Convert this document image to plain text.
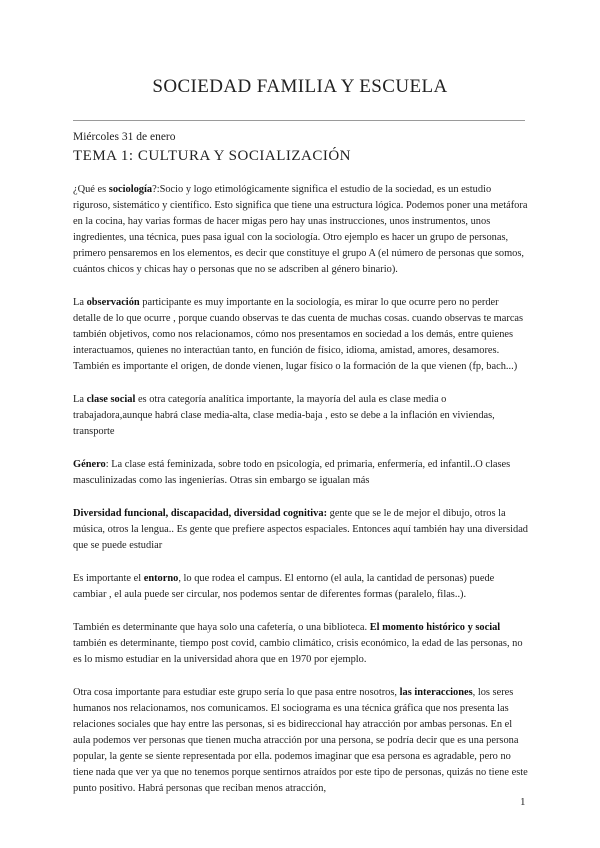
SOCIEDAD FAMILIA Y ESCUELA
Miércoles 31 de enero
TEMA 1: CULTURA Y SOCIALIZACIÓN

¿Qué es sociología?:Socio y logo etimológicamente significa el estudio de la sociedad, es un estudio riguroso, sistemático y científico. Esto significa que tiene una estructura lógica. Podemos poner una metáfora en la cocina, hay varias formas de hacer migas pero hay unas instrucciones, unos instrumentos, unos ingredientes, una técnica, pues pasa igual con la sociología. Otro ejemplo es hacer un grupo de personas, primero pensaremos en los elementos, es decir que constituye el grupo A (el número de personas que somos, cuántos chicos y chicas hay o personas que no se adscriben al género binario).

La observación participante es muy importante en la sociología, es mirar lo que ocurre pero no perder detalle de lo que ocurre , porque cuando observas te das cuenta de muchas cosas. cuando observas te marcas también objetivos, como nos relacionamos, cómo nos presentamos en sociedad a los demás, entre quienes interactuamos, quienes no interactúan tanto, en función de físico, idioma, amistad, amores, desamores. También es importante el origen, de donde vienen, lugar físico o la formación de la que vienen (fp, bach...)

La clase social es otra categoría analítica importante, la mayoría del aula es clase media o trabajadora,aunque habrá clase media-alta, clase media-baja , esto se debe a la inflación en viviendas, transporte

Género: La clase está feminizada, sobre todo en psicología, ed primaria, enfermería, ed infantil..O clases masculinizadas como las ingenierías. Otras sin embargo se igualan más

Diversidad funcional, discapacidad, diversidad cognitiva: gente que se le de mejor el dibujo, otros la música, otros la lengua.. Es gente que prefiere aspectos espaciales. Entonces aquí también hay una diversidad que se puede estudiar

Es importante el entorno, lo que rodea el campus. El entorno (el aula, la cantidad de personas) puede cambiar , el aula puede ser circular, nos podemos sentar de diferentes formas (paralelo, filas..).

También es determinante que haya solo una cafetería, o una biblioteca. El momento histórico y social también es determinante, tiempo post covid, cambio climático, crisis económico, la edad de las personas, no es lo mismo estudiar en la universidad ahora que en 1970 por ejemplo.

Otra cosa importante para estudiar este grupo sería lo que pasa entre nosotros, las interacciones, los seres humanos nos relacionamos, nos comunicamos. El sociograma es una técnica gráfica que nos presenta las relaciones sociales que hay entre las personas, si es bidireccional hay atracción por ambas personas. En el aula podemos ver personas que tienen mucha atracción por una persona, se podría decir que es una persona popular, la gente se siente representada por ella. podemos imaginar que esa persona es agradable, pero no tiene nada que ver ya que no tenemos porque sentirnos atraídos por este tipo de personas, quizás no tiene este punto positivo. Habrá personas que reciban menos atracción,

1
